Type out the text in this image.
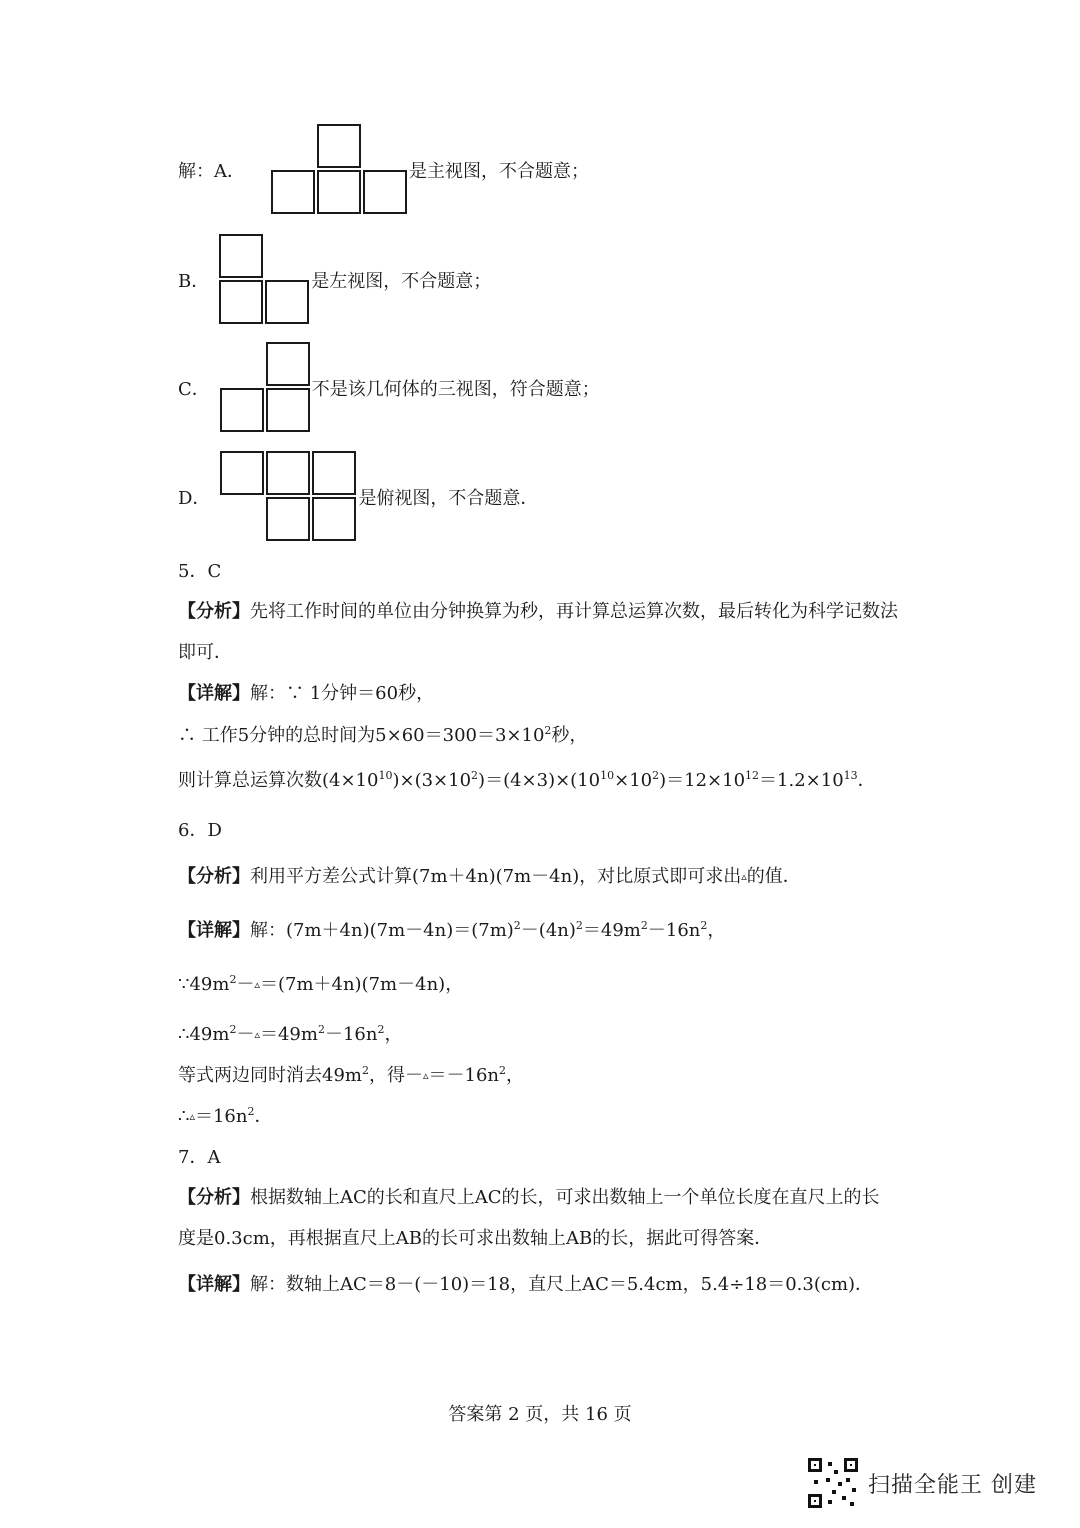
解：A．	是主视图，不合题意；
B．	是左视图，不合题意；
C．	不是该几何体的三视图，符合题意；
D．	是俯视图，不合题意．
5．C
【分析】先将工作时间的单位由分钟换算为秒，再计算总运算次数，最后转化为科学记数法
即可．
【详解】解：∵ 1分钟＝60秒，
∴ 工作5分钟的总时间为$5\times 60=300=3\times 10^2$秒，
则计算总运算次数$(4\times 10^{10})\times(3\times 10^2)=(4\times 3)\times(10^{10}\times 10^2)=12\times 10^{12}=1.2\times 10^{13}$．
6．D
【分析】利用平方差公式计算(7m＋4n)(7m－4n)，对比原式即可求出▵的值．
【详解】解：$(7m+4n)(7m-4n)=(7m)^2-(4n)^2=49m^2-16n^2$，
$\because 49m^2-▵=(7m+4n)(7m-4n)$，
$\therefore 49m^2-▵=49m^2-16n^2$，
等式两边同时消去$49m^2$，得$-▵=-16n^2$，
$\therefore▵=16n^2$．
7．A
【分析】根据数轴上AC的长和直尺上AC的长，可求出数轴上一个单位长度在直尺上的长
度是0.3cm，再根据直尺上AB的长可求出数轴上AB的长，据此可得答案．
【详解】解：数轴上AC＝8－(－10)＝18，直尺上AC＝5.4cm，5.4÷18＝0.3(cm)．
答案第 2 页，共 16 页
扫描全能王 创建
